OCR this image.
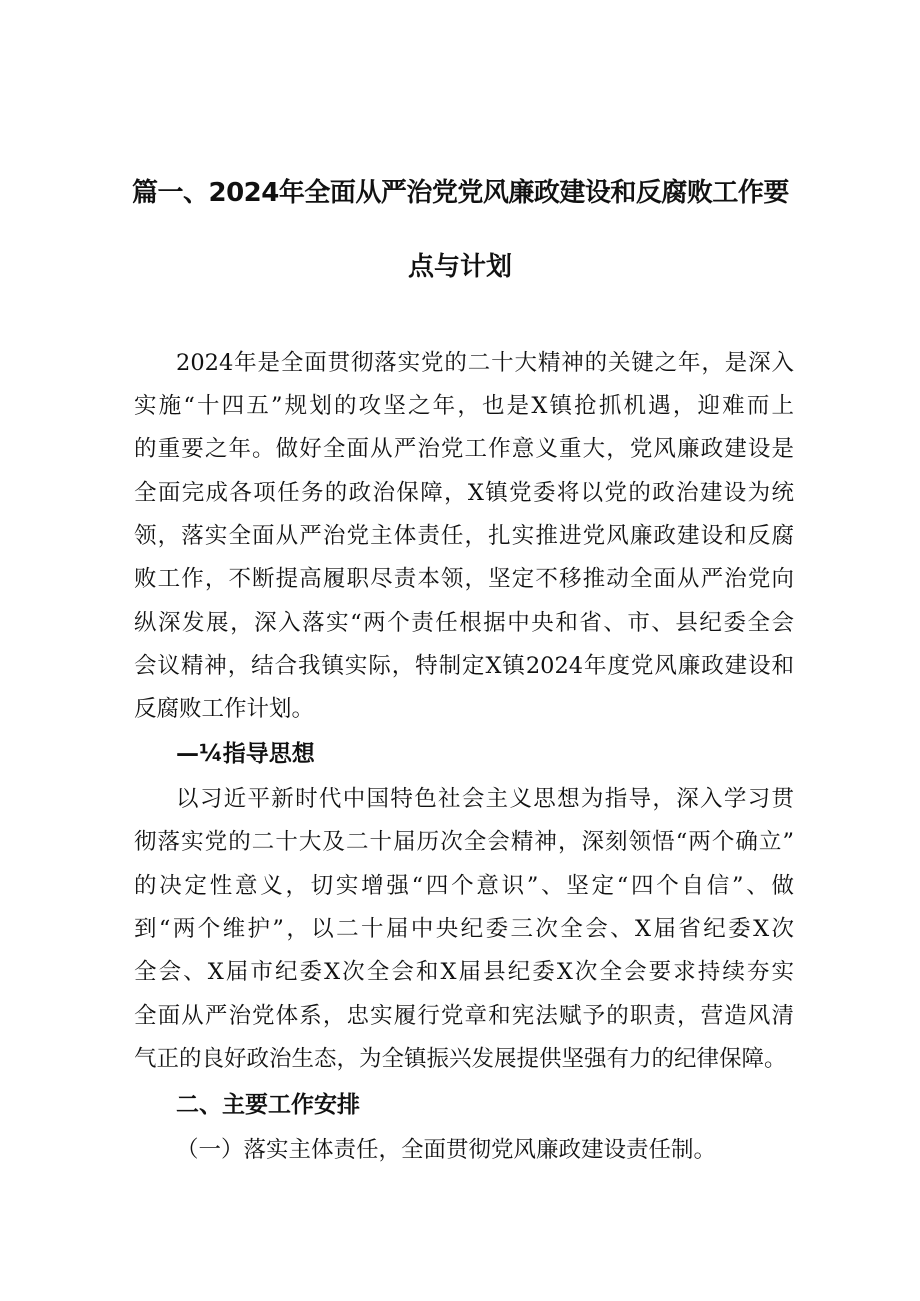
篇一、2024年全面从严治党党风廉政建设和反腐败工作要
点与计划

2024年是全面贯彻落实党的二十大精神的关键之年，是深入

实施“十四五”规划的攻坚之年，也是X镇抢抓机遇，迎难而上

的重要之年。做好全面从严治党工作意义重大，党风廉政建设是

全面完成各项任务的政治保障，X镇党委将以党的政治建设为统

领，落实全面从严治党主体责任，扎实推进党风廉政建设和反腐

败工作，不断提高履职尽责本领，坚定不移推动全面从严治党向

纵深发展，深入落实“两个责任根据中央和省、市、县纪委全会

会议精神，结合我镇实际，特制定X镇2024年度党风廉政建设和

反腐败工作计划。

—¼指导思想

以习近平新时代中国特色社会主义思想为指导，深入学习贯

彻落实党的二十大及二十届历次全会精神，深刻领悟“两个确立”

的决定性意义，切实增强“四个意识”、坚定“四个自信”、做

到“两个维护”，以二十届中央纪委三次全会、X届省纪委X次

全会、X届市纪委X次全会和X届县纪委X次全会要求持续夯实

全面从严治党体系，忠实履行党章和宪法赋予的职责，营造风清

气正的良好政治生态，为全镇振兴发展提供坚强有力的纪律保障。

二、主要工作安排

（一）落实主体责任，全面贯彻党风廉政建设责任制。
